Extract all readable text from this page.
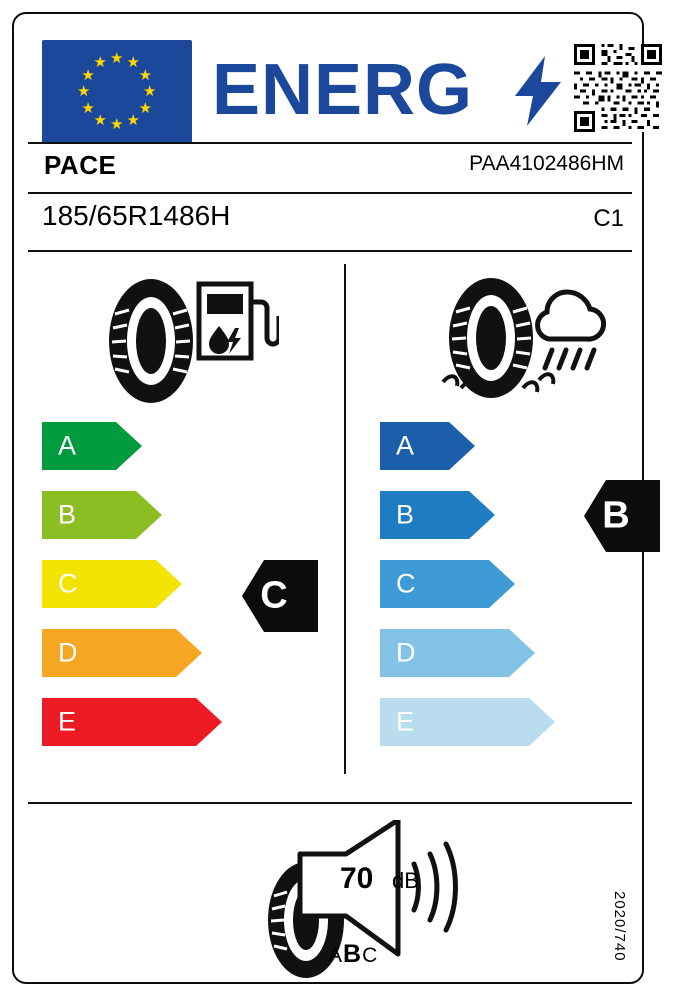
★ ★
★
★
★
★
★
★
★
★
★
★ ENERG
PACE	PAA4102486HM
185/65R1486H	C1
A
B
C
D
E
C
A
B
C
D
E
B
70 dB
ABC	2020/740
